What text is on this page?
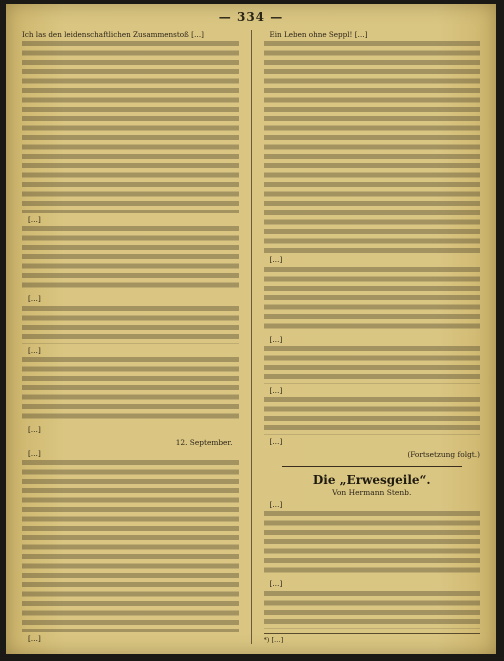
— 334 —

Ich las den leidenschaftlichen Zusammenstoß […]

[…]

[…]

[…]

[…]

12. September.

[…]

[…]

Ein Leben ohne Seppl! […]

[…]

[…]

[…]

[…]

(Fortsetzung folgt.)
Die „Erwesgeile“.
Von Hermann Stenb.

[…]

[…]

*) […]
